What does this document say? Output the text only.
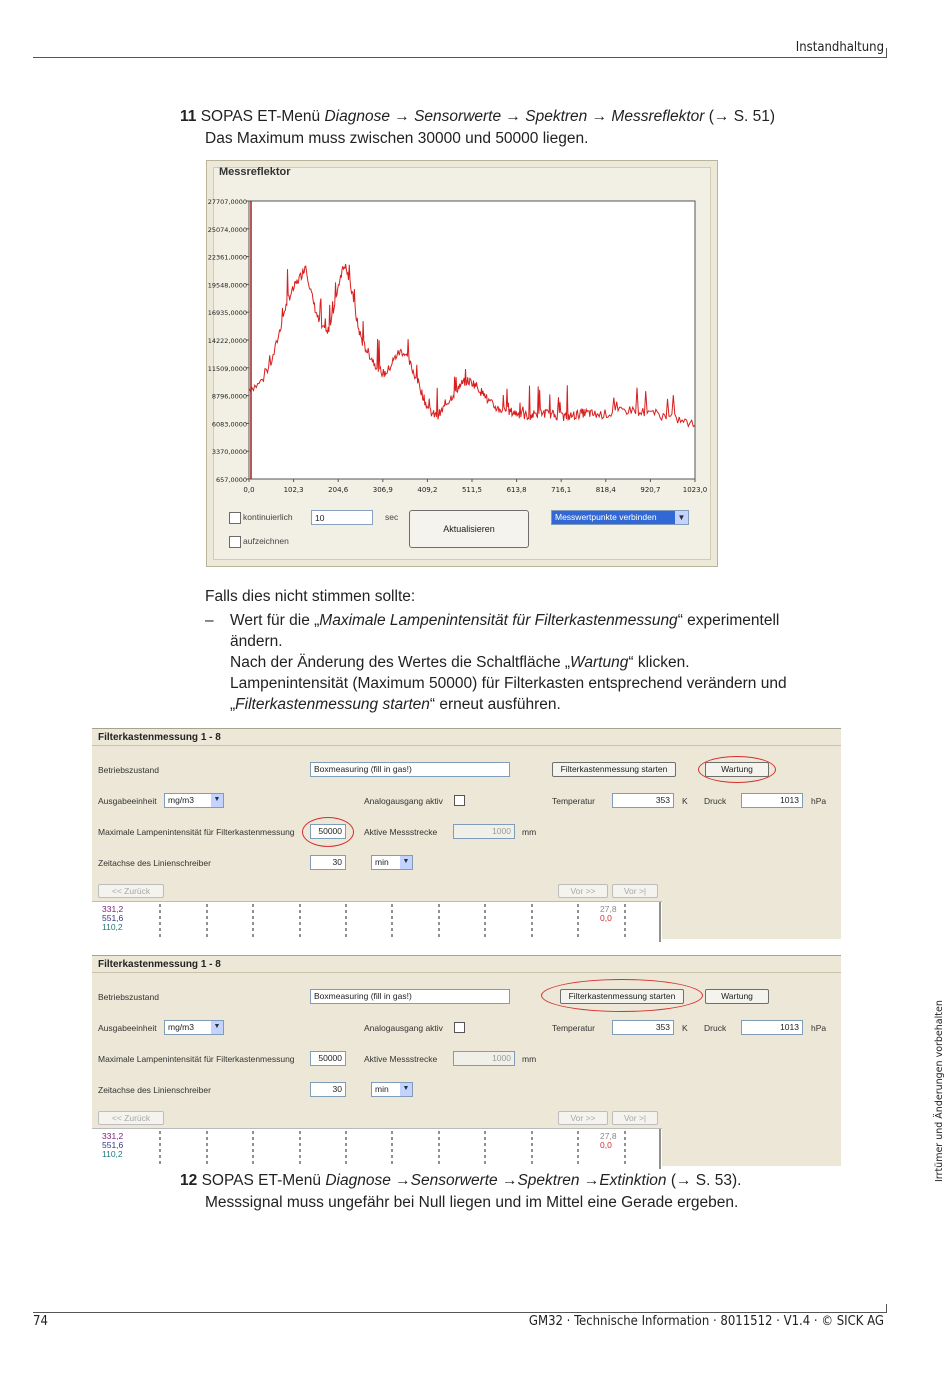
Instandhaltung
11 SOPAS ET-Menü Diagnose → Sensorwerte → Spektren → Messreflektor (→ S. 51)
Das Maximum muss zwischen 30000 und 50000 liegen.
Messreflektor
27707,0000
25074,0000
22361,0000
19548,0000
16935,0000
14222,0000
11509,0000
8796,0000
6083,0000
3370,0000
657,0000
0,0	102,3	204,6	306,9	409,2	511,5	613,8	716,1	818,4	920,7	1023,0
kontinuierlich	10	sec
Aktualisieren
Messwertpunkte verbinden	▼
aufzeichnen
Falls dies nicht stimmen sollte:
– Wert für die „Maximale Lampenintensität für Filterkastenmessung“ experimentell
ändern.
Nach der Änderung des Wertes die Schaltfläche „Wartung“ klicken.
Lampenintensität (Maximum 50000) für Filterkasten entsprechend verändern und
„Filterkastenmessung starten“ erneut ausführen.
Filterkastenmessung 1 - 8
Betriebszustand	Boxmeasuring (fill in gas!)	Filterkastenmessung starten	Wartung
Ausgabeeinheit	mg/m3	▼	Analogausgang aktiv	Temperatur	353	K Druck	1013	hPa
Maximale Lampenintensität für Filterkastenmessung	50000	Aktive Messstrecke	1000	mm
Zeitachse des Linienschreiber	30	min	▼
<< Zurück	Vor >>	Vor >|
331,2
551,6
110,2
27,8
0,0
Filterkastenmessung 1 - 8
Betriebszustand	Boxmeasuring (fill in gas!)	Filterkastenmessung starten	Wartung
Ausgabeeinheit	mg/m3	▼	Analogausgang aktiv	Temperatur	353	K Druck	1013	hPa
Maximale Lampenintensität für Filterkastenmessung	50000	Aktive Messstrecke	1000	mm
Zeitachse des Linienschreiber	30	min	▼
<< Zurück	Vor >>	Vor >|
331,2
551,6
110,2
27,8
0,0
12 SOPAS ET-Menü Diagnose →Sensorwerte →Spektren →Extinktion (→ S. 53).
Messsignal muss ungefähr bei Null liegen und im Mittel eine Gerade ergeben.
Irrtümer und Änderungen vorbehalten
74	GM32 · Technische Information · 8011512 · V1.4 · © SICK AG
